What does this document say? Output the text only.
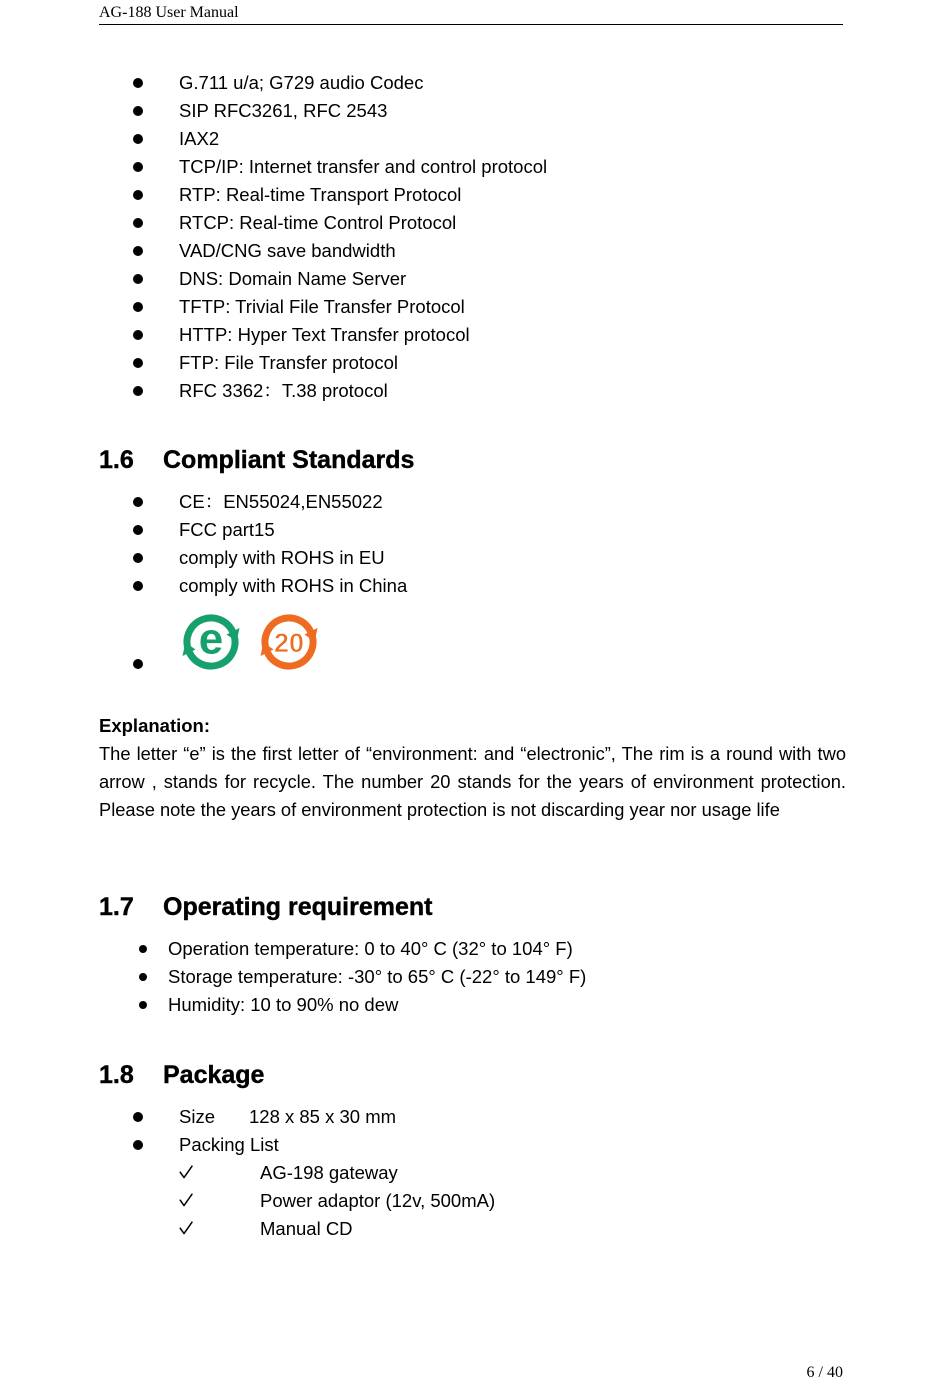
AG-188 User Manual
G.711 u/a; G729 audio Codec
SIP RFC3261, RFC 2543
IAX2
TCP/IP: Internet transfer and control protocol
RTP: Real-time Transport Protocol
RTCP: Real-time Control Protocol
VAD/CNG save bandwidth
DNS: Domain Name Server
TFTP: Trivial File Transfer Protocol
HTTP: Hyper Text Transfer protocol
FTP: File Transfer protocol
RFC 3362：T.38 protocol
1.6 Compliant Standards
CE：EN55024,EN55022
FCC part15
comply with ROHS in EU
comply with ROHS in China
e 20
Explanation:
The letter “e” is the first letter of “environment: and “electronic”, The rim is a round with two
arrow , stands for recycle. The number 20 stands for the years of environment protection.
Please note the years of environment protection is not discarding year nor usage life
1.7 Operating requirement
Operation temperature: 0 to 40° C (32° to 104° F)
Storage temperature: -30° to 65° C (-22° to 149° F)
Humidity: 10 to 90% no dew
1.8 Package
Size 128 x 85 x 30 mm
Packing List
AG-198 gateway
Power adaptor (12v, 500mA)
Manual CD
6 / 40
